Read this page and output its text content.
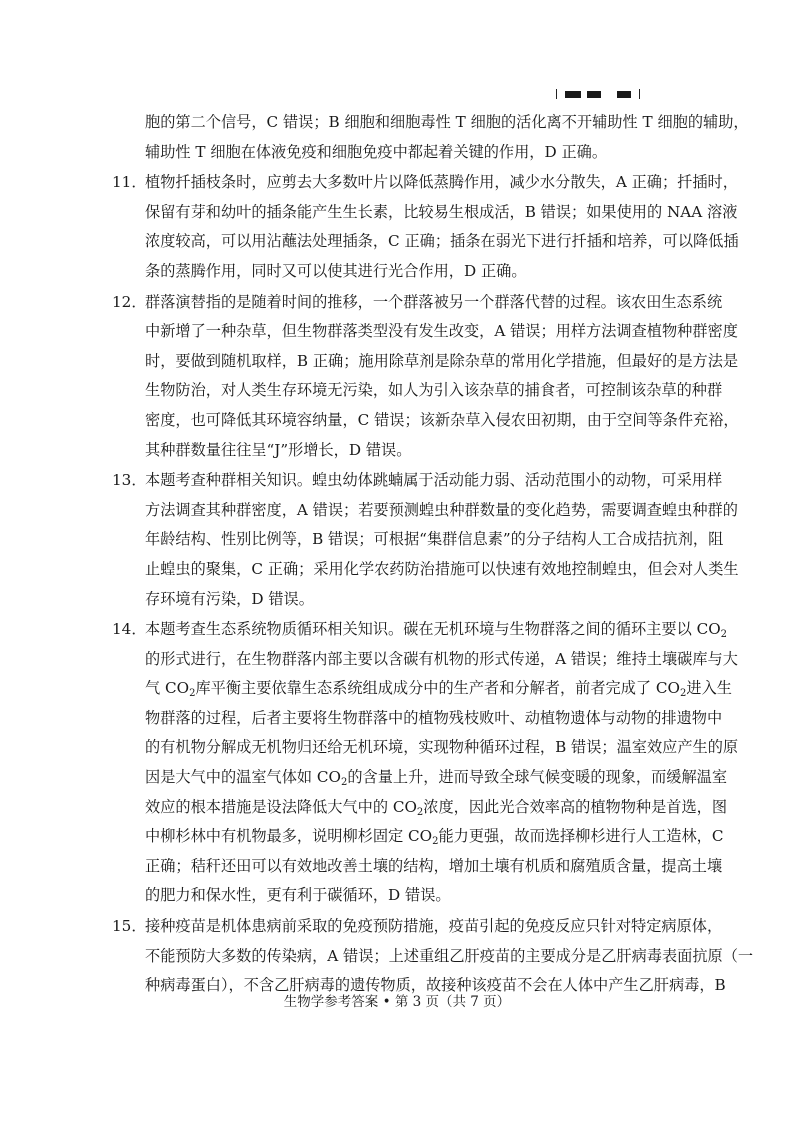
胞的第二个信号，C 错误；B 细胞和细胞毒性 T 细胞的活化离不开辅助性 T 细胞的辅助，
辅助性 T 细胞在体液免疫和细胞免疫中都起着关键的作用，D 正确。
11．
植物扦插枝条时，应剪去大多数叶片以降低蒸腾作用，减少水分散失，A 正确；扦插时，
保留有芽和幼叶的插条能产生生长素，比较易生根成活，B 错误；如果使用的 NAA 溶液
浓度较高，可以用沾蘸法处理插条，C 正确；插条在弱光下进行扦插和培养，可以降低插
条的蒸腾作用，同时又可以使其进行光合作用，D 正确。
12．
群落演替指的是随着时间的推移，一个群落被另一个群落代替的过程。该农田生态系统
中新增了一种杂草，但生物群落类型没有发生改变，A 错误；用样方法调查植物种群密度
时，要做到随机取样，B 正确；施用除草剂是除杂草的常用化学措施，但最好的是方法是
生物防治，对人类生存环境无污染，如人为引入该杂草的捕食者，可控制该杂草的种群
密度，也可降低其环境容纳量，C 错误；该新杂草入侵农田初期，由于空间等条件充裕，
其种群数量往往呈“J”形增长，D 错误。
13．
本题考查种群相关知识。蝗虫幼体跳蝻属于活动能力弱、活动范围小的动物，可采用样
方法调查其种群密度，A 错误；若要预测蝗虫种群数量的变化趋势，需要调查蝗虫种群的
年龄结构、性别比例等，B 错误；可根据“集群信息素”的分子结构人工合成拮抗剂，阻
止蝗虫的聚集，C 正确；采用化学农药防治措施可以快速有效地控制蝗虫，但会对人类生
存环境有污染，D 错误。
14．
本题考查生态系统物质循环相关知识。碳在无机环境与生物群落之间的循环主要以 $CO_2$
的形式进行，在生物群落内部主要以含碳有机物的形式传递，A 错误；维持土壤碳库与大
气 $CO_2$库平衡主要依靠生态系统组成成分中的生产者和分解者，前者完成了 $CO_2$进入生
物群落的过程，后者主要将生物群落中的植物残枝败叶、动植物遗体与动物的排遗物中
的有机物分解成无机物归还给无机环境，实现物种循环过程，B 错误；温室效应产生的原
因是大气中的温室气体如 $CO_2$的含量上升，进而导致全球气候变暖的现象，而缓解温室
效应的根本措施是设法降低大气中的 $CO_2$浓度，因此光合效率高的植物物种是首选，图
中柳杉林中有机物最多，说明柳杉固定 $CO_2$能力更强，故而选择柳杉进行人工造林，C
正确；秸秆还田可以有效地改善土壤的结构，增加土壤有机质和腐殖质含量，提高土壤
的肥力和保水性，更有利于碳循环，D 错误。
15．
接种疫苗是机体患病前采取的免疫预防措施，疫苗引起的免疫反应只针对特定病原体，
不能预防大多数的传染病，A 错误；上述重组乙肝疫苗的主要成分是乙肝病毒表面抗原（一
种病毒蛋白），不含乙肝病毒的遗传物质，故接种该疫苗不会在人体中产生乙肝病毒，B
生物学参考答案 • 第 3 页（共 7 页）
